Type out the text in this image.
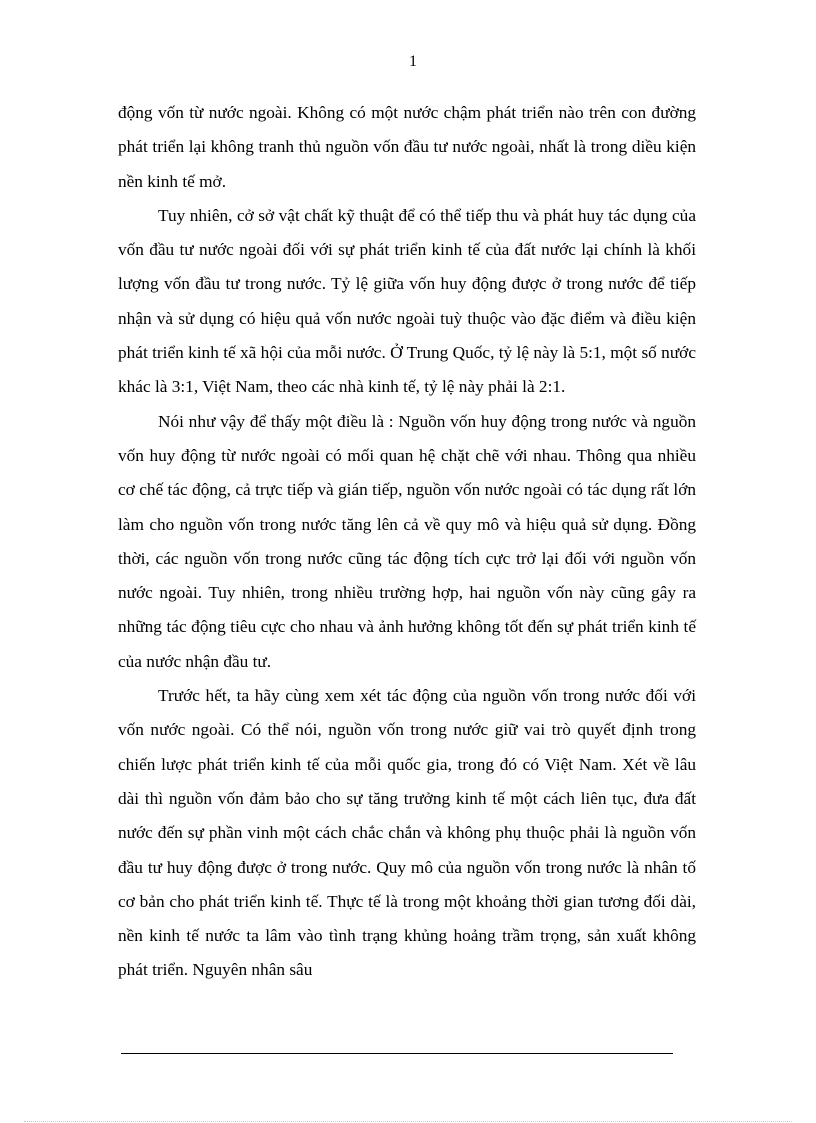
1

động vốn từ nước ngoài. Không có một nước chậm phát triển nào trên con đường phát triển lại không tranh thủ nguồn vốn đầu tư nước ngoài, nhất là trong diều kiện nền kinh tế mở.

Tuy nhiên, cở sở vật chất kỹ thuật để có thể tiếp thu và phát huy tác dụng của vốn đầu tư nước ngoài đối với sự phát triển kinh tế của đất nước lại chính là khối lượng vốn đầu tư trong nước. Tỷ lệ giữa vốn huy động được ở trong nước để tiếp nhận và sử dụng có hiệu quả vốn nước ngoài tuỳ thuộc vào đặc điểm và điều kiện phát triển kinh tế xã hội của mỗi nước. Ở Trung Quốc, tỷ lệ này là 5:1, một số nước khác là 3:1, Việt Nam, theo các nhà kinh tế, tỷ lệ này phải là 2:1.

Nói như vậy để thấy một điều là : Nguồn vốn huy động trong nước và nguồn vốn huy động từ nước ngoài có mối quan hệ chặt chẽ với nhau. Thông qua nhiều cơ chế tác động, cả trực tiếp và gián tiếp, nguồn vốn nước ngoài có tác dụng rất lớn làm cho nguồn vốn trong nước tăng lên cả về quy mô và hiệu quả sử dụng. Đồng thời, các nguồn vốn trong nước cũng tác động tích cực trở lại đối với nguồn vốn nước ngoài. Tuy nhiên, trong nhiều trường hợp, hai nguồn vốn này cũng gây ra những tác động tiêu cực cho nhau và ảnh hưởng không tốt đến sự phát triển kinh tế của nước nhận đầu tư.

Trước hết, ta hãy cùng xem xét tác động của nguồn vốn trong nước đối với vốn nước ngoài. Có thể nói, nguồn vốn trong nước giữ vai trò quyết định trong chiến lược phát triển kinh tế của mỗi quốc gia, trong đó có Việt Nam. Xét về lâu dài thì nguồn vốn đảm bảo cho sự tăng trưởng kinh tế một cách liên tục, đưa đất nước đến sự phần vinh một cách chắc chắn và không phụ thuộc phải là nguồn vốn đầu tư huy động được ở trong nước. Quy mô của nguồn vốn trong nước là nhân tố cơ bản cho phát triển kinh tế. Thực tế là trong một khoảng thời gian tương đối dài, nền kinh tế nước ta lâm vào tình trạng khủng hoảng trầm trọng, sản xuất không phát triển. Nguyên nhân sâu
